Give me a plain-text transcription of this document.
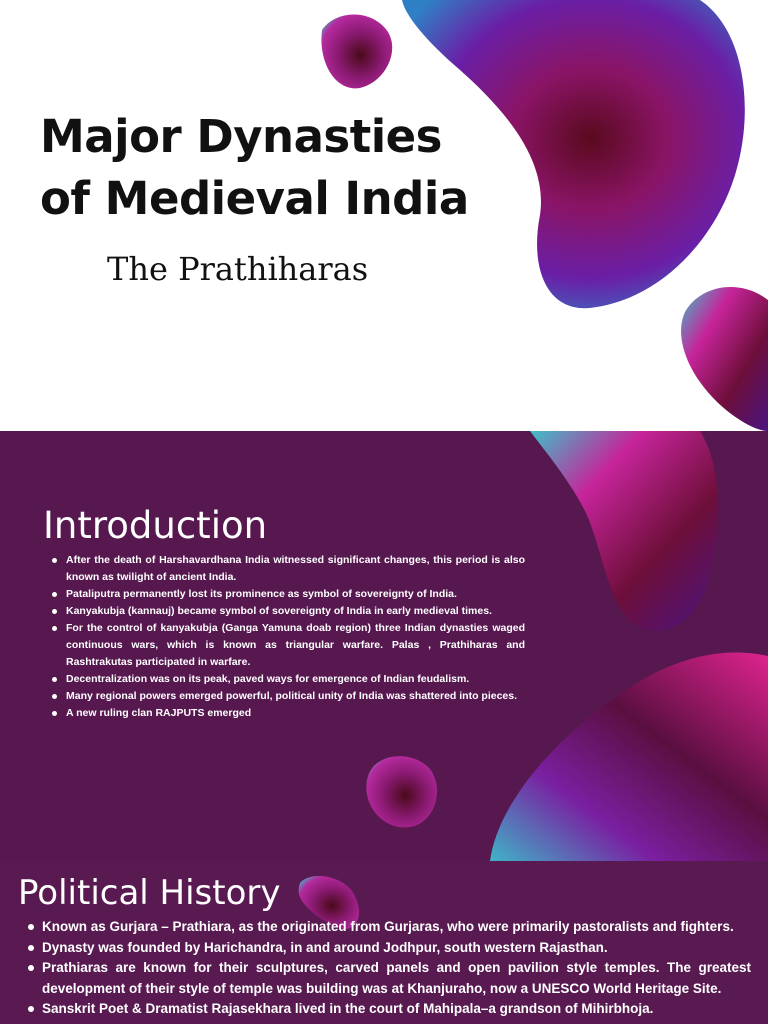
Major Dynasties
of Medieval India

The Prathiharas

Introduction
After the death of Harshavardhana India witnessed significant changes, this period is also known as twilight of ancient India.
Pataliputra permanently lost its prominence as symbol of sovereignty of India.
Kanyakubja (kannauj) became symbol of sovereignty of India in early medieval times.
For the control of kanyakubja (Ganga Yamuna doab region) three Indian dynasties waged continuous wars, which is known as triangular warfare. Palas , Prathiharas and Rashtrakutas participated in warfare.
Decentralization was on its peak, paved ways for emergence of Indian feudalism.
Many regional powers emerged powerful, political unity of India was shattered into pieces.
A new ruling clan RAJPUTS emerged
Political History
Known as Gurjara – Prathiara, as the originated from Gurjaras, who were primarily pastoralists and fighters.
Dynasty was founded by Harichandra, in and around Jodhpur, south western Rajasthan.
Prathiaras are known for their sculptures, carved panels and open pavilion style temples. The greatest development of their style of temple was building was at Khanjuraho, now a UNESCO World Heritage Site.
Sanskrit Poet & Dramatist Rajasekhara lived in the court of Mahipala–a grandson of Mihirbhoja.
